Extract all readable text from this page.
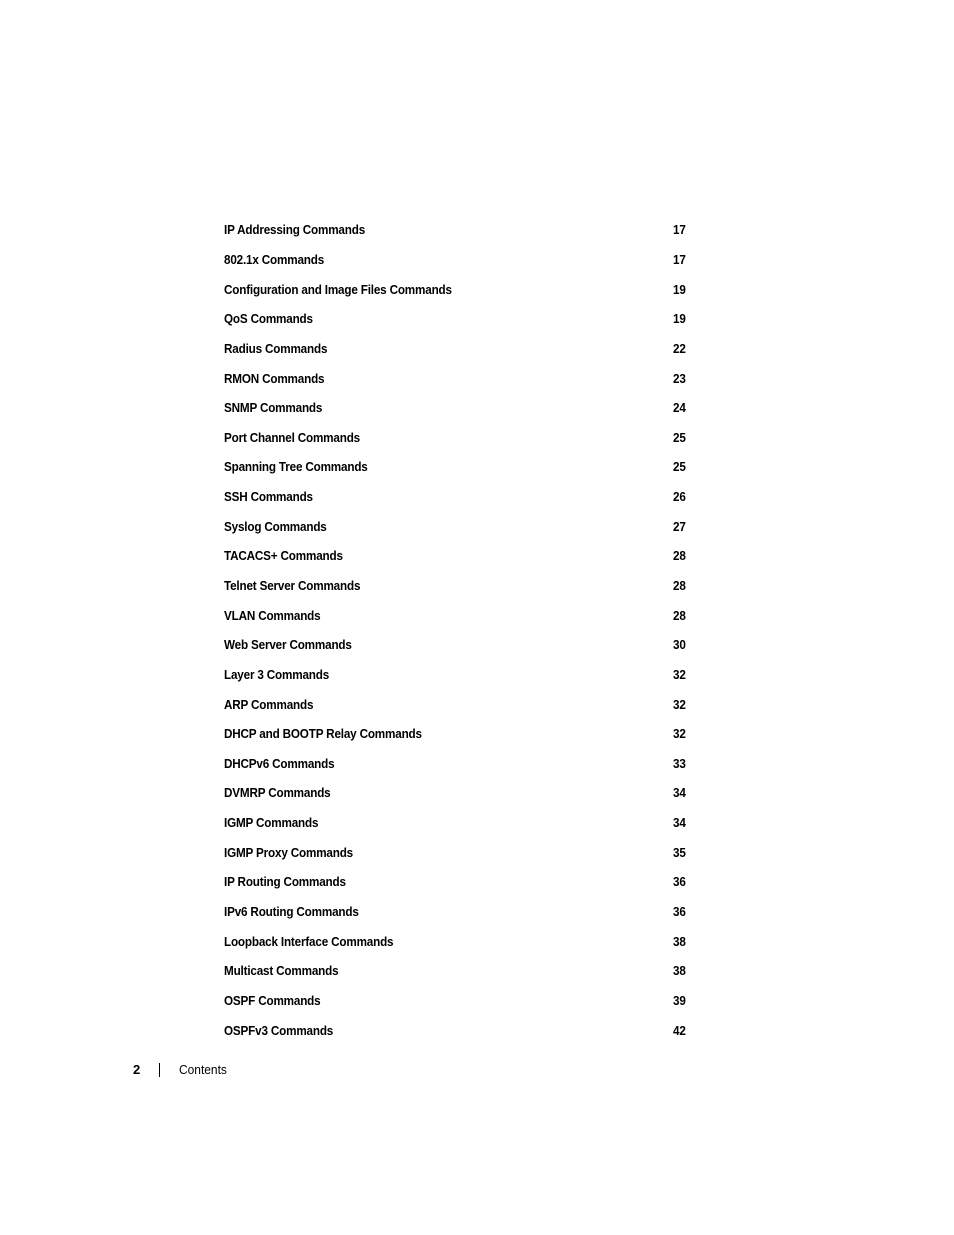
IP Addressing Commands	17
802.1x Commands	17
Configuration and Image Files Commands	19
QoS Commands	19
Radius Commands	22
RMON Commands	23
SNMP Commands	24
Port Channel Commands	25
Spanning Tree Commands	25
SSH Commands	26
Syslog Commands	27
TACACS+ Commands	28
Telnet Server Commands	28
VLAN Commands	28
Web Server Commands	30
Layer 3 Commands	32
ARP Commands	32
DHCP and BOOTP Relay Commands	32
DHCPv6 Commands	33
DVMRP Commands	34
IGMP Commands	34
IGMP Proxy Commands	35
IP Routing Commands	36
IPv6 Routing Commands	36
Loopback Interface Commands	38
Multicast Commands	38
OSPF Commands	39
OSPFv3 Commands	42
2	Contents
